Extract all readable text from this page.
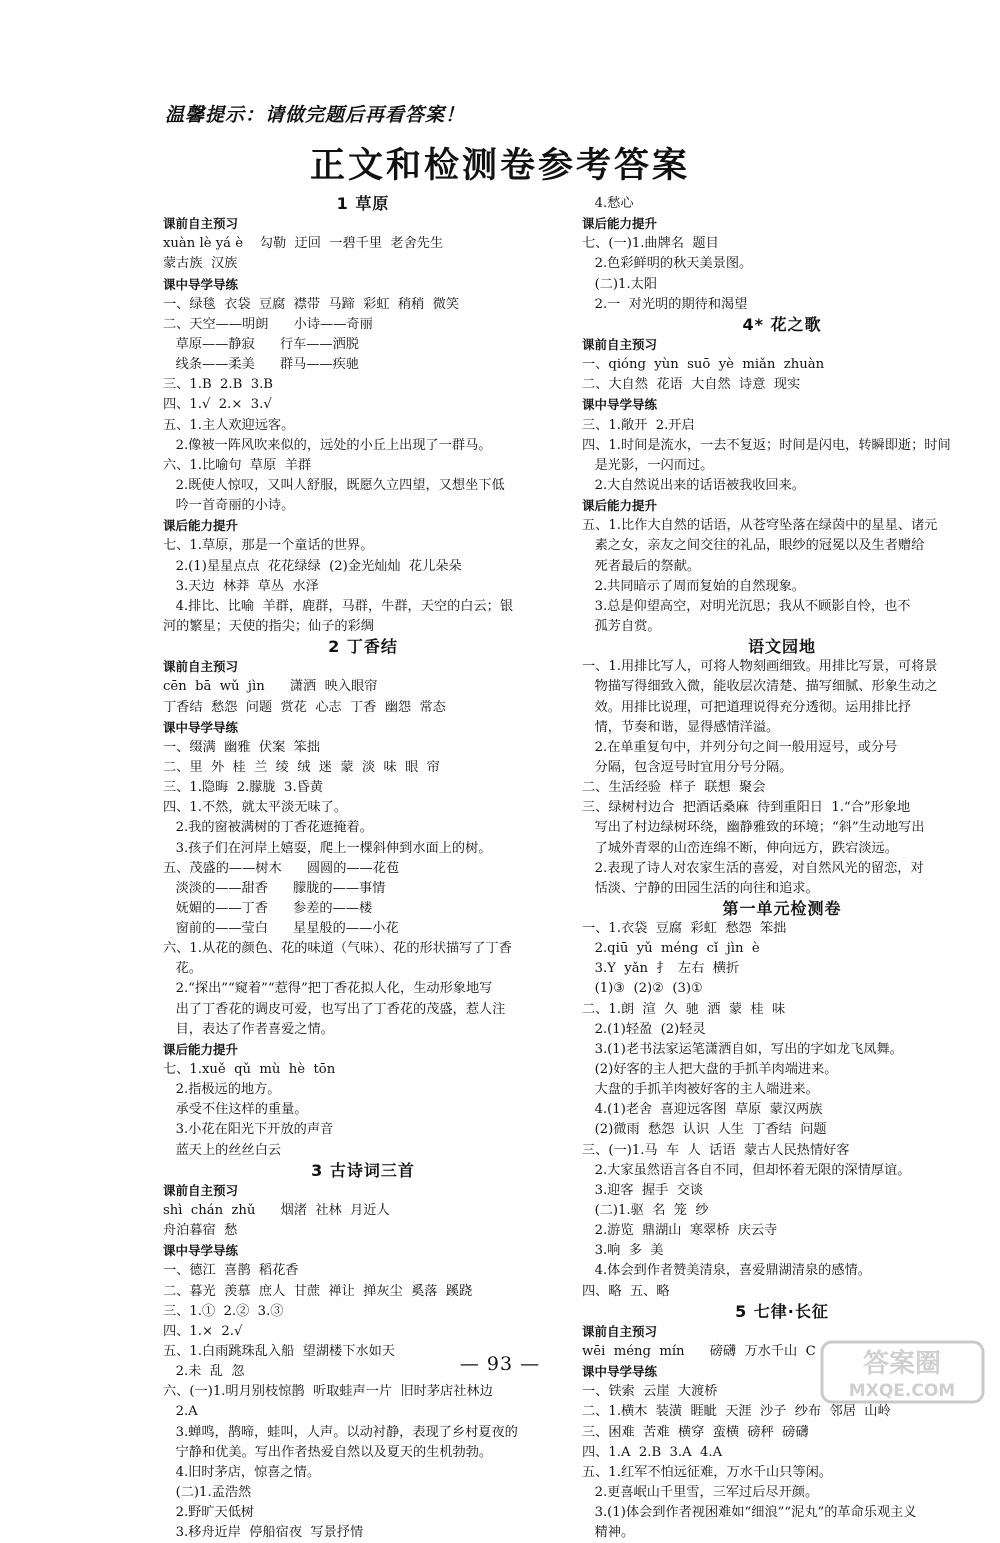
温馨提示：请做完题后再看答案！
正文和检测卷参考答案
1 草原
课前自主预习
xuàn lè yá è    勾勒  迂回  一碧千里  老舍先生
蒙古族  汉族
课中导学导练
一、绿毯  衣袋  豆腐  襟带  马蹄  彩虹  稍稍  微笑
二、天空——明朗      小诗——奇丽
草原——静寂      行车——洒脱
线条——柔美      群马——疾驰
三、1.B  2.B  3.B
四、1.√  2.×  3.√
五、1.主人欢迎远客。
2.像被一阵风吹来似的，远处的小丘上出现了一群马。
六、1.比喻句  草原  羊群
2.既使人惊叹，又叫人舒服，既愿久立四望，又想坐下低
吟一首奇丽的小诗。
课后能力提升
七、1.草原，那是一个童话的世界。
2.(1)星星点点  花花绿绿  (2)金光灿灿  花儿朵朵
3.天边  林莽  草丛  水泽
4.排比、比喻  羊群，鹿群，马群，牛群，天空的白云；银
河的繁星；天使的指尖；仙子的彩绸
2 丁香结
课前自主预习
cēn  bā  wǔ  jìn      潇洒  映入眼帘
丁香结  愁怨  问题  赏花  心志  丁香  幽怨  常态
课中导学导练
一、缀满  幽雅  伏案  笨拙
二、里  外  桂  兰  绫  绒  迷  蒙  淡  味  眼  帘
三、1.隐晦  2.朦胧  3.昏黄
四、1.不然，就太平淡无味了。
2.我的窗被满树的丁香花遮掩着。
3.孩子们在河岸上嬉耍，爬上一棵斜伸到水面上的树。
五、茂盛的——树木      圆圆的——花苞
淡淡的——甜香      朦胧的——事情
妩媚的——丁香      参差的——楼
窗前的——莹白      星星般的——小花
六、1.从花的颜色、花的味道（气味）、花的形状描写了丁香
花。
2.“探出”“窥着”“惹得”把丁香花拟人化，生动形象地写
出了丁香花的调皮可爱，也写出了丁香花的茂盛，惹人注
目，表达了作者喜爱之情。
课后能力提升
七、1.xuě  qǔ  mù  hè  tōn
2.指极远的地方。
承受不住这样的重量。
3.小花在阳光下开放的声音
蓝天上的丝丝白云
3 古诗词三首
课前自主预习
shì  chán  zhǔ      烟渚  社林  月近人
舟泊暮宿  愁
课中导学导练
一、德江  喜鹊  稻花香
二、暮光  羡慕  庶人  甘蔗  禅让  掸灰尘  奚落  蹊跷
三、1.①  2.②  3.③
四、1.×  2.√
五、1.白雨跳珠乱入船  望湖楼下水如天
2.未  乱  忽
六、(一)1.明月别枝惊鹊  听取蛙声一片  旧时茅店社林边
2.A
3.蝉鸣，鹊啼，蛙叫，人声。以动衬静，表现了乡村夏夜的
宁静和优美。写出作者热爱自然以及夏天的生机勃勃。
4.旧时茅店，惊喜之情。
(二)1.孟浩然
2.野旷天低树
3.移舟近岸  停船宿夜  写景抒情
4.愁心
课后能力提升
七、(一)1.曲牌名  题目
2.色彩鲜明的秋天美景图。
(二)1.太阳
2.一  对光明的期待和渴望
4* 花之歌
课前自主预习
一、qióng  yùn  suō  yè  miǎn  zhuàn
二、大自然  花语  大自然  诗意  现实
课中导学导练
三、1.敞开  2.开启
四、1.时间是流水，一去不复返；时间是闪电，转瞬即逝；时间
是光影，一闪而过。
2.大自然说出来的话语被我收回来。
课后能力提升
五、1.比作大自然的话语，从苍穹坠落在绿茵中的星星、诸元
素之女，亲友之间交往的礼品，眼纱的冠冕以及生者赠给
死者最后的祭献。
2.共同暗示了周而复始的自然现象。
3.总是仰望高空，对明光沉思；我从不顾影自怜，也不
孤芳自赏。
语文园地
一、1.用排比写人，可将人物刻画细致。用排比写景，可将景
物描写得细致入微，能收层次清楚、描写细腻、形象生动之
效。用排比说理，可把道理说得充分透彻。运用排比抒
情，节奏和谐，显得感情洋溢。
2.在单重复句中，并列分句之间一般用逗号，或分号
分隔，包含逗号时宜用分号分隔。
二、生活经验  样子  联想  聚会
三、绿树村边合  把酒话桑麻  待到重阳日  1.“合”形象地
写出了村边绿树环绕，幽静雅致的环境；“斜”生动地写出
了城外青翠的山峦连绵不断，伸向远方，跌宕淡远。
2.表现了诗人对农家生活的喜爱，对自然风光的留恋，对
恬淡、宁静的田园生活的向往和追求。
第一单元检测卷
一、1.衣袋  豆腐  彩虹  愁怨  笨拙
2.qiū  yǔ  méng  cǐ  jìn  è
3.Y  yǎn  扌  左右  横折
(1)③  (2)②  (3)①
二、1.朗  渲  久  驰  洒  蒙  桂  味
2.(1)轻盈  (2)轻灵
3.(1)老书法家运笔潇洒自如，写出的字如龙飞凤舞。
(2)好客的主人把大盘的手抓羊肉端进来。
大盘的手抓羊肉被好客的主人端进来。
4.(1)老舍  喜迎远客图  草原  蒙汉两族
(2)微雨  愁怨  认识  人生  丁香结  问题
三、(一)1.马  车  人  话语  蒙古人民热情好客
2.大家虽然语言各自不同，但却怀着无限的深情厚谊。
3.迎客  握手  交谈
(二)1.驱  名  笼  纱
2.游览  鼎湖山  寒翠桥  庆云寺
3.响  多  美
4.体会到作者赞美清泉，喜爱鼎湖清泉的感情。
四、略  五、略
5 七律·长征
课前自主预习
wēi  méng  mín      磅礴  万水千山  C
课中导学导练
一、铁索  云崖  大渡桥
二、1.横木  装潢  睚眦  天涯  沙子  纱布  邻居  山岭
三、困难  苦难  横穿  蛮横  磅秤  磅礴
四、1.A  2.B  3.A  4.A
五、1.红军不怕远征难，万水千山只等闲。
2.更喜岷山千里雪，三军过后尽开颜。
3.(1)体会到作者视困难如“细浪”“泥丸”的革命乐观主义
精神。
— 93 —	答案圈
MXQE.COM
